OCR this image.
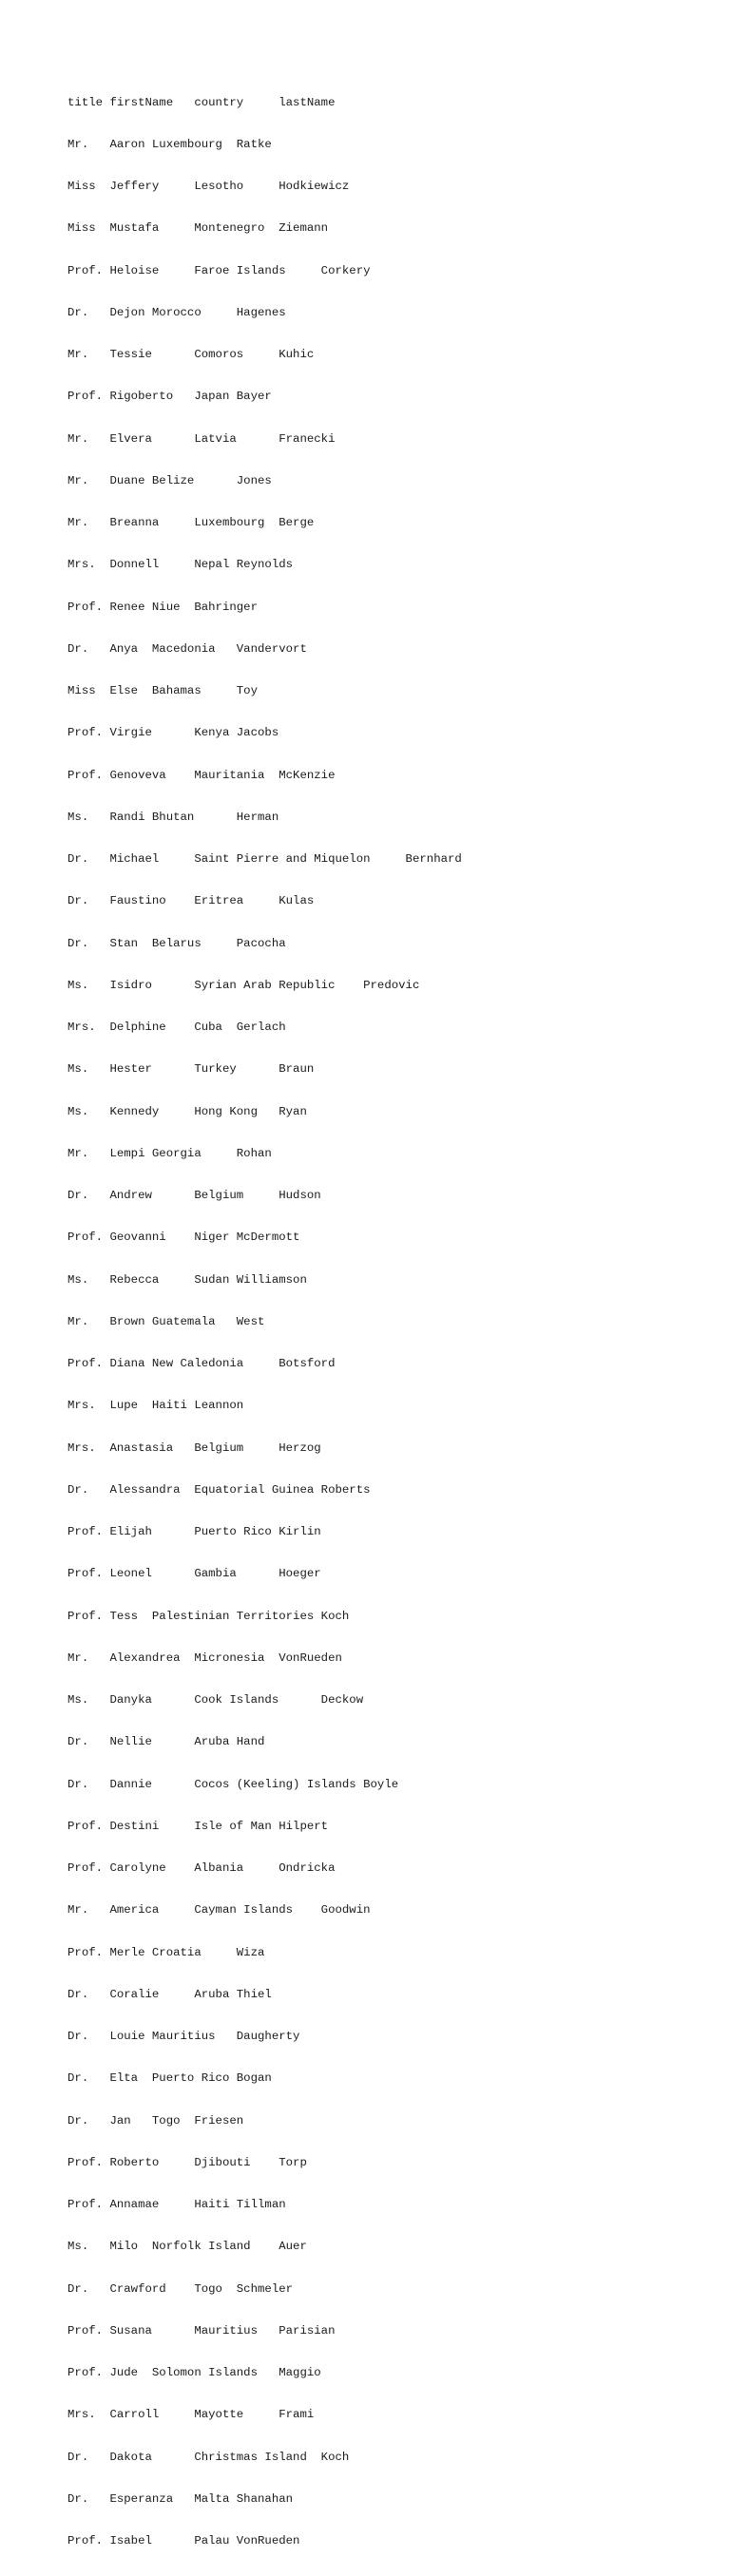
title firstName   country     lastName

Mr.   Aaron Luxembourg  Ratke

Miss  Jeffery     Lesotho     Hodkiewicz

Miss  Mustafa     Montenegro  Ziemann

Prof. Heloise     Faroe Islands     Corkery

Dr.   Dejon Morocco     Hagenes

Mr.   Tessie      Comoros     Kuhic

Prof. Rigoberto   Japan Bayer

Mr.   Elvera      Latvia      Franecki

Mr.   Duane Belize      Jones

Mr.   Breanna     Luxembourg  Berge

Mrs.  Donnell     Nepal Reynolds

Prof. Renee Niue  Bahringer

Dr.   Anya  Macedonia   Vandervort

Miss  Else  Bahamas     Toy

Prof. Virgie      Kenya Jacobs

Prof. Genoveva    Mauritania  McKenzie

Ms.   Randi Bhutan      Herman

Dr.   Michael     Saint Pierre and Miquelon     Bernhard

Dr.   Faustino    Eritrea     Kulas

Dr.   Stan  Belarus     Pacocha

Ms.   Isidro      Syrian Arab Republic    Predovic

Mrs.  Delphine    Cuba  Gerlach

Ms.   Hester      Turkey      Braun

Ms.   Kennedy     Hong Kong   Ryan

Mr.   Lempi Georgia     Rohan

Dr.   Andrew      Belgium     Hudson

Prof. Geovanni    Niger McDermott

Ms.   Rebecca     Sudan Williamson

Mr.   Brown Guatemala   West

Prof. Diana New Caledonia     Botsford

Mrs.  Lupe  Haiti Leannon

Mrs.  Anastasia   Belgium     Herzog

Dr.   Alessandra  Equatorial Guinea Roberts

Prof. Elijah      Puerto Rico Kirlin

Prof. Leonel      Gambia      Hoeger

Prof. Tess  Palestinian Territories Koch

Mr.   Alexandrea  Micronesia  VonRueden

Ms.   Danyka      Cook Islands      Deckow

Dr.   Nellie      Aruba Hand

Dr.   Dannie      Cocos (Keeling) Islands Boyle

Prof. Destini     Isle of Man Hilpert

Prof. Carolyne    Albania     Ondricka

Mr.   America     Cayman Islands    Goodwin

Prof. Merle Croatia     Wiza

Dr.   Coralie     Aruba Thiel

Dr.   Louie Mauritius   Daugherty

Dr.   Elta  Puerto Rico Bogan

Dr.   Jan   Togo  Friesen

Prof. Roberto     Djibouti    Torp

Prof. Annamae     Haiti Tillman

Ms.   Milo  Norfolk Island    Auer

Dr.   Crawford    Togo  Schmeler

Prof. Susana      Mauritius   Parisian

Prof. Jude  Solomon Islands   Maggio

Mrs.  Carroll     Mayotte     Frami

Dr.   Dakota      Christmas Island  Koch

Dr.   Esperanza   Malta Shanahan

Prof. Isabel      Palau VonRueden
